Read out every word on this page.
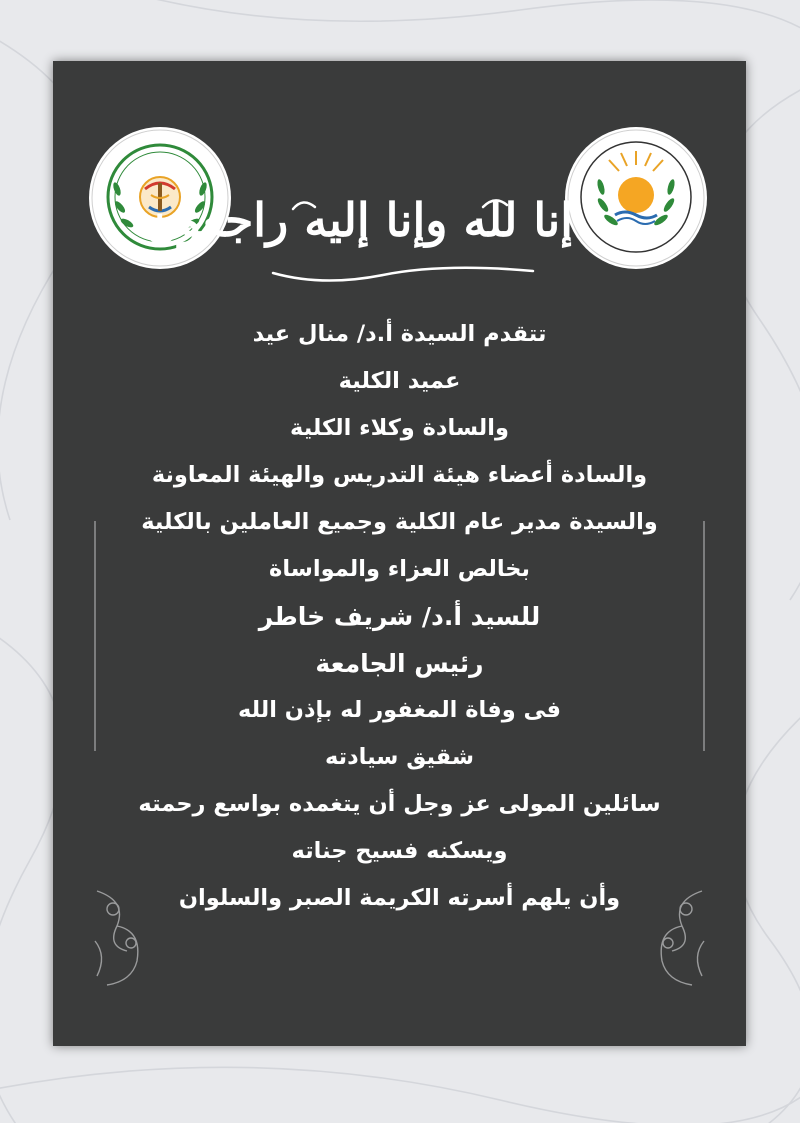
إنا لله وإنا إليه راجعون
تتقدم السيدة أ.د/ منال عيد
عميد الكلية
والسادة وكلاء الكلية
والسادة أعضاء هيئة التدريس والهيئة المعاونة
والسيدة مدير عام الكلية وجميع العاملين بالكلية
بخالص العزاء والمواساة
للسيد أ.د/ شريف خاطر
رئيس الجامعة
فى وفاة المغفور له بإذن الله
شقيق سيادته
سائلين المولى عز وجل أن يتغمده بواسع رحمته
ويسكنه فسيح جناته
وأن يلهم أسرته الكريمة الصبر والسلوان
